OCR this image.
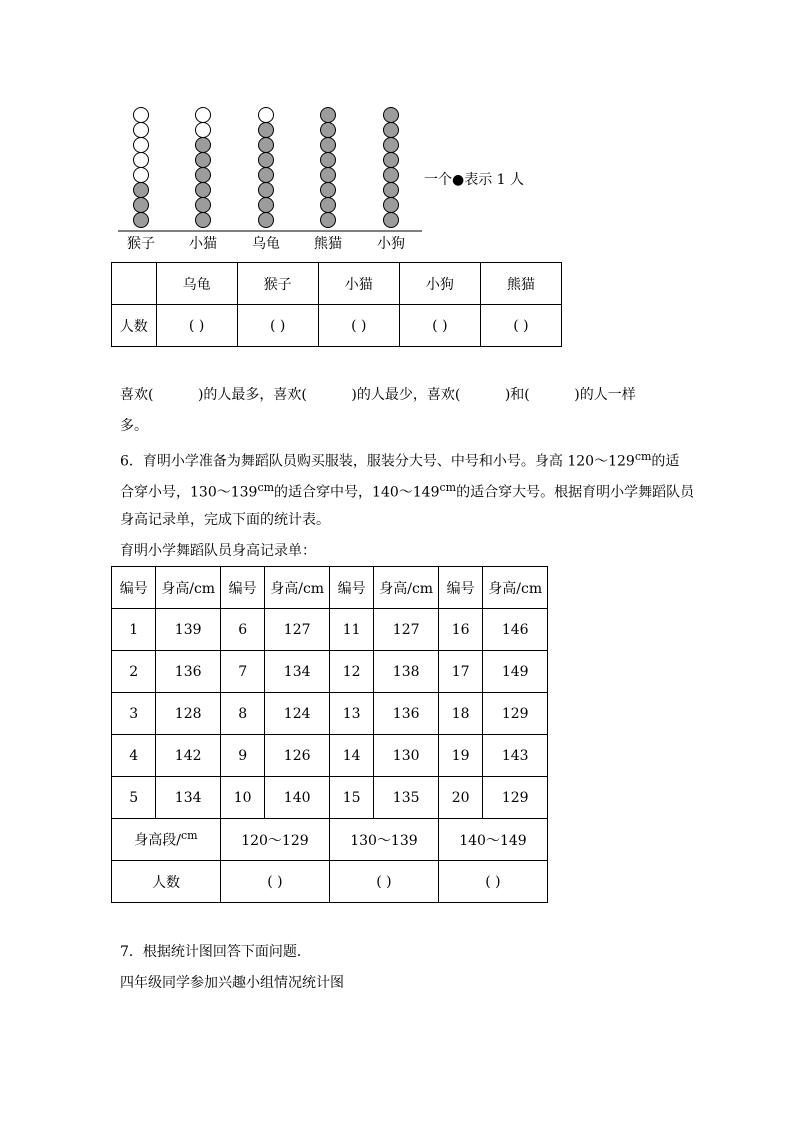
猴子 小猫	乌龟 熊猫	小狗
一个●表示 1 人
	乌龟	猴子	小猫	小狗	熊猫
人数	( )	( )	( )	( )	( )
喜欢(          )的人最多，喜欢(          )的人最少，喜欢(          )和(          )的人一样
多。
6．育明小学准备为舞蹈队员购买服装，服装分大号、中号和小号。身高 $120\sim 129^{cm}$的适
合穿小号，$130\sim 139^{cm}$的适合穿中号，$140\sim 149^{cm}$的适合穿大号。根据育明小学舞蹈队员
身高记录单，完成下面的统计表。
育明小学舞蹈队员身高记录单：
编号	身高/cm	编号	身高/cm	编号	身高/cm	编号	身高/cm
1	139	6	127	11	127	16	146
2	136	7	134	12	138	17	149
3	128	8	124	13	136	18	129
4	142	9	126	14	130	19	143
5	134	10	140	15	135	20	129
身高段/$^{cm}$		120～129		130～139		140～149	
人数		( )		( )		( )	
7．根据统计图回答下面问题．
四年级同学参加兴趣小组情况统计图
